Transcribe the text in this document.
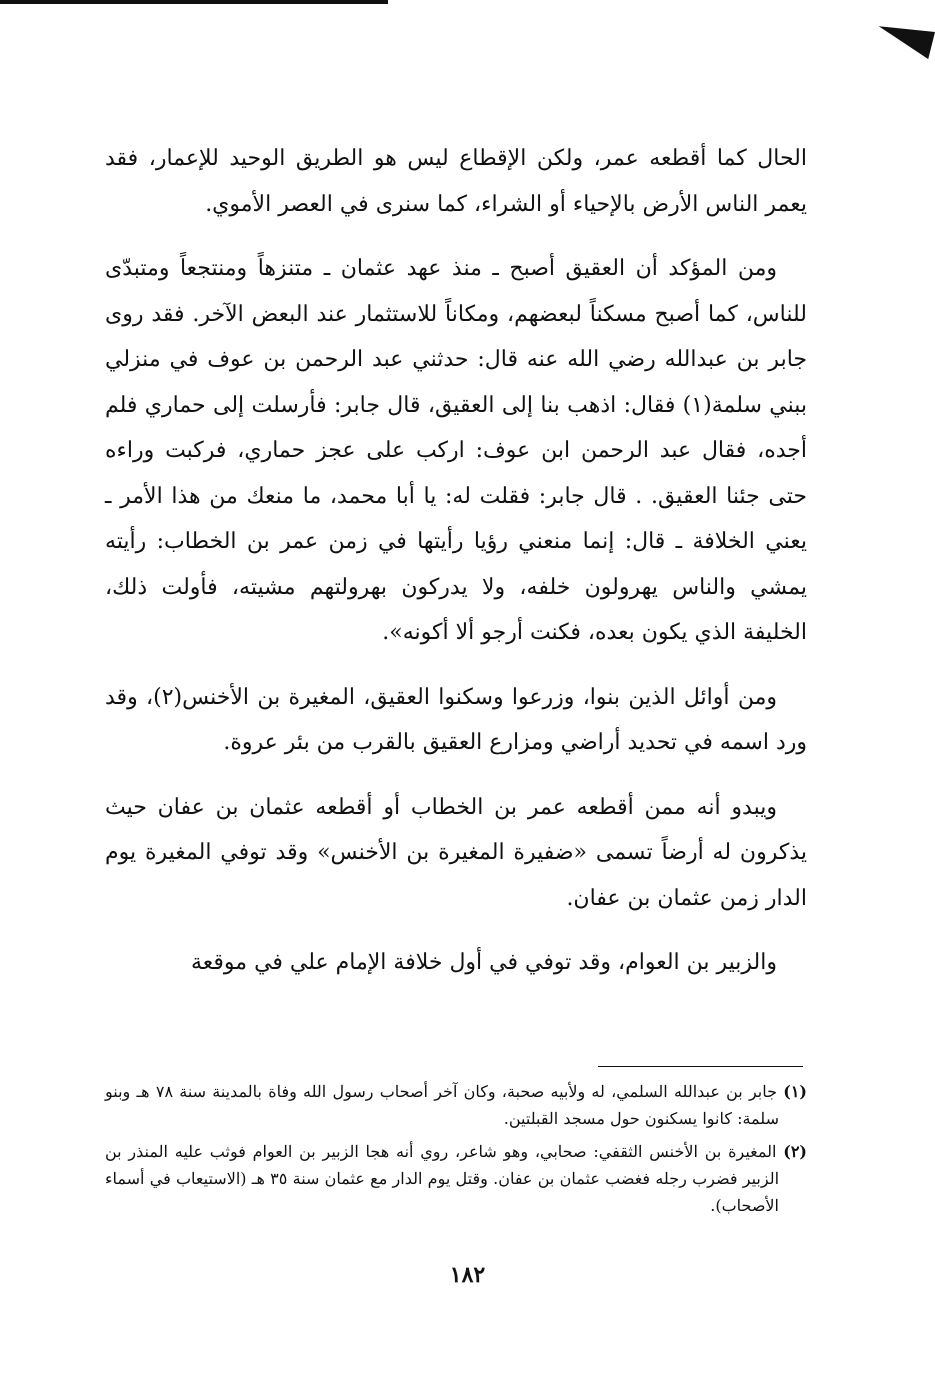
الحال كما أقطعه عمر، ولكن الإقطاع ليس هو الطريق الوحيد للإعمار، فقد يعمر الناس الأرض بالإحياء أو الشراء، كما سنرى في العصر الأموي.

ومن المؤكد أن العقيق أصبح ـ منذ عهد عثمان ـ متنزهاً ومنتجعاً ومتبدّى للناس، كما أصبح مسكناً لبعضهم، ومكاناً للاستثمار عند البعض الآخر. فقد روى جابر بن عبدالله رضي الله عنه قال: حدثني عبد الرحمن بن عوف في منزلي ببني سلمة(١) فقال: اذهب بنا إلى العقيق، قال جابر: فأرسلت إلى حماري فلم أجده، فقال عبد الرحمن ابن عوف: اركب على عجز حماري، فركبت وراءه حتى جئنا العقيق. . قال جابر: فقلت له: يا أبا محمد، ما منعك من هذا الأمر ـ يعني الخلافة ـ قال: إنما منعني رؤيا رأيتها في زمن عمر بن الخطاب: رأيته يمشي والناس يهرولون خلفه، ولا يدركون بهرولتهم مشيته، فأولت ذلك، الخليفة الذي يكون بعده، فكنت أرجو ألا أكونه».

ومن أوائل الذين بنوا، وزرعوا وسكنوا العقيق، المغيرة بن الأخنس(٢)، وقد ورد اسمه في تحديد أراضي ومزارع العقيق بالقرب من بئر عروة.

ويبدو أنه ممن أقطعه عمر بن الخطاب أو أقطعه عثمان بن عفان حيث يذكرون له أرضاً تسمى «ضفيرة المغيرة بن الأخنس» وقد توفي المغيرة يوم الدار زمن عثمان بن عفان.

والزبير بن العوام، وقد توفي في أول خلافة الإمام علي في موقعة

(١) جابر بن عبدالله السلمي، له ولأبيه صحبة، وكان آخر أصحاب رسول الله وفاة بالمدينة سنة ٧٨ هـ وبنو سلمة: كانوا يسكنون حول مسجد القبلتين.
(٢) المغيرة بن الأخنس الثقفي: صحابي، وهو شاعر، روي أنه هجا الزبير بن العوام فوثب عليه المنذر بن الزبير فضرب رجله فغضب عثمان بن عفان. وقتل يوم الدار مع عثمان سنة ٣٥ هـ (الاستيعاب في أسماء الأصحاب).
١٨٢
